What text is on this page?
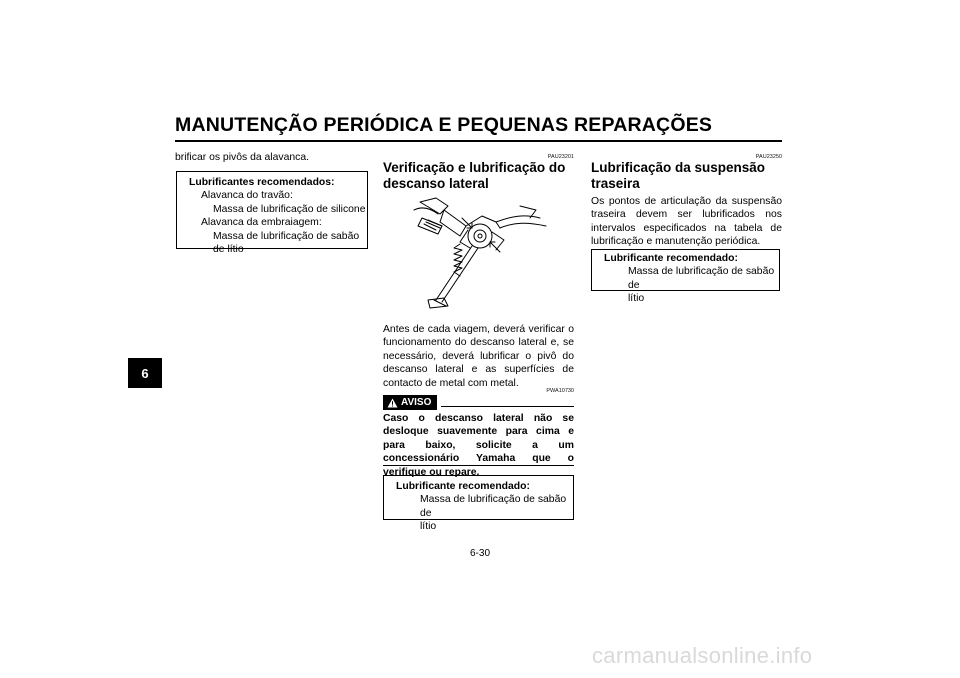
MANUTENÇÃO PERIÓDICA E PEQUENAS REPARAÇÕES
6
brificar os pivôs da alavanca.
Lubrificantes recomendados:
Alavanca do travão:
Massa de lubrificação de silicone
Alavanca da embraiagem:
Massa de lubrificação de sabão
de lítio
PAU23201
Verificação e lubrificação do
descanso lateral
Antes de cada viagem, deverá verificar o funcionamento do descanso lateral e, se necessário, deverá lubrificar o pivô do descanso lateral e as superfícies de contacto de metal com metal.
PWA10730
AVISO
Caso o descanso lateral não se desloque suavemente para cima e para baixo, solicite a um concessionário Yamaha que o verifique ou repare.
Lubrificante recomendado:
Massa de lubrificação de sabão de
lítio
PAU23250
Lubrificação da suspensão
traseira
Os pontos de articulação da suspensão traseira devem ser lubrificados nos intervalos especificados na tabela de lubrificação e manutenção periódica.
Lubrificante recomendado:
Massa de lubrificação de sabão de
lítio
6-30
carmanualsonline.info
